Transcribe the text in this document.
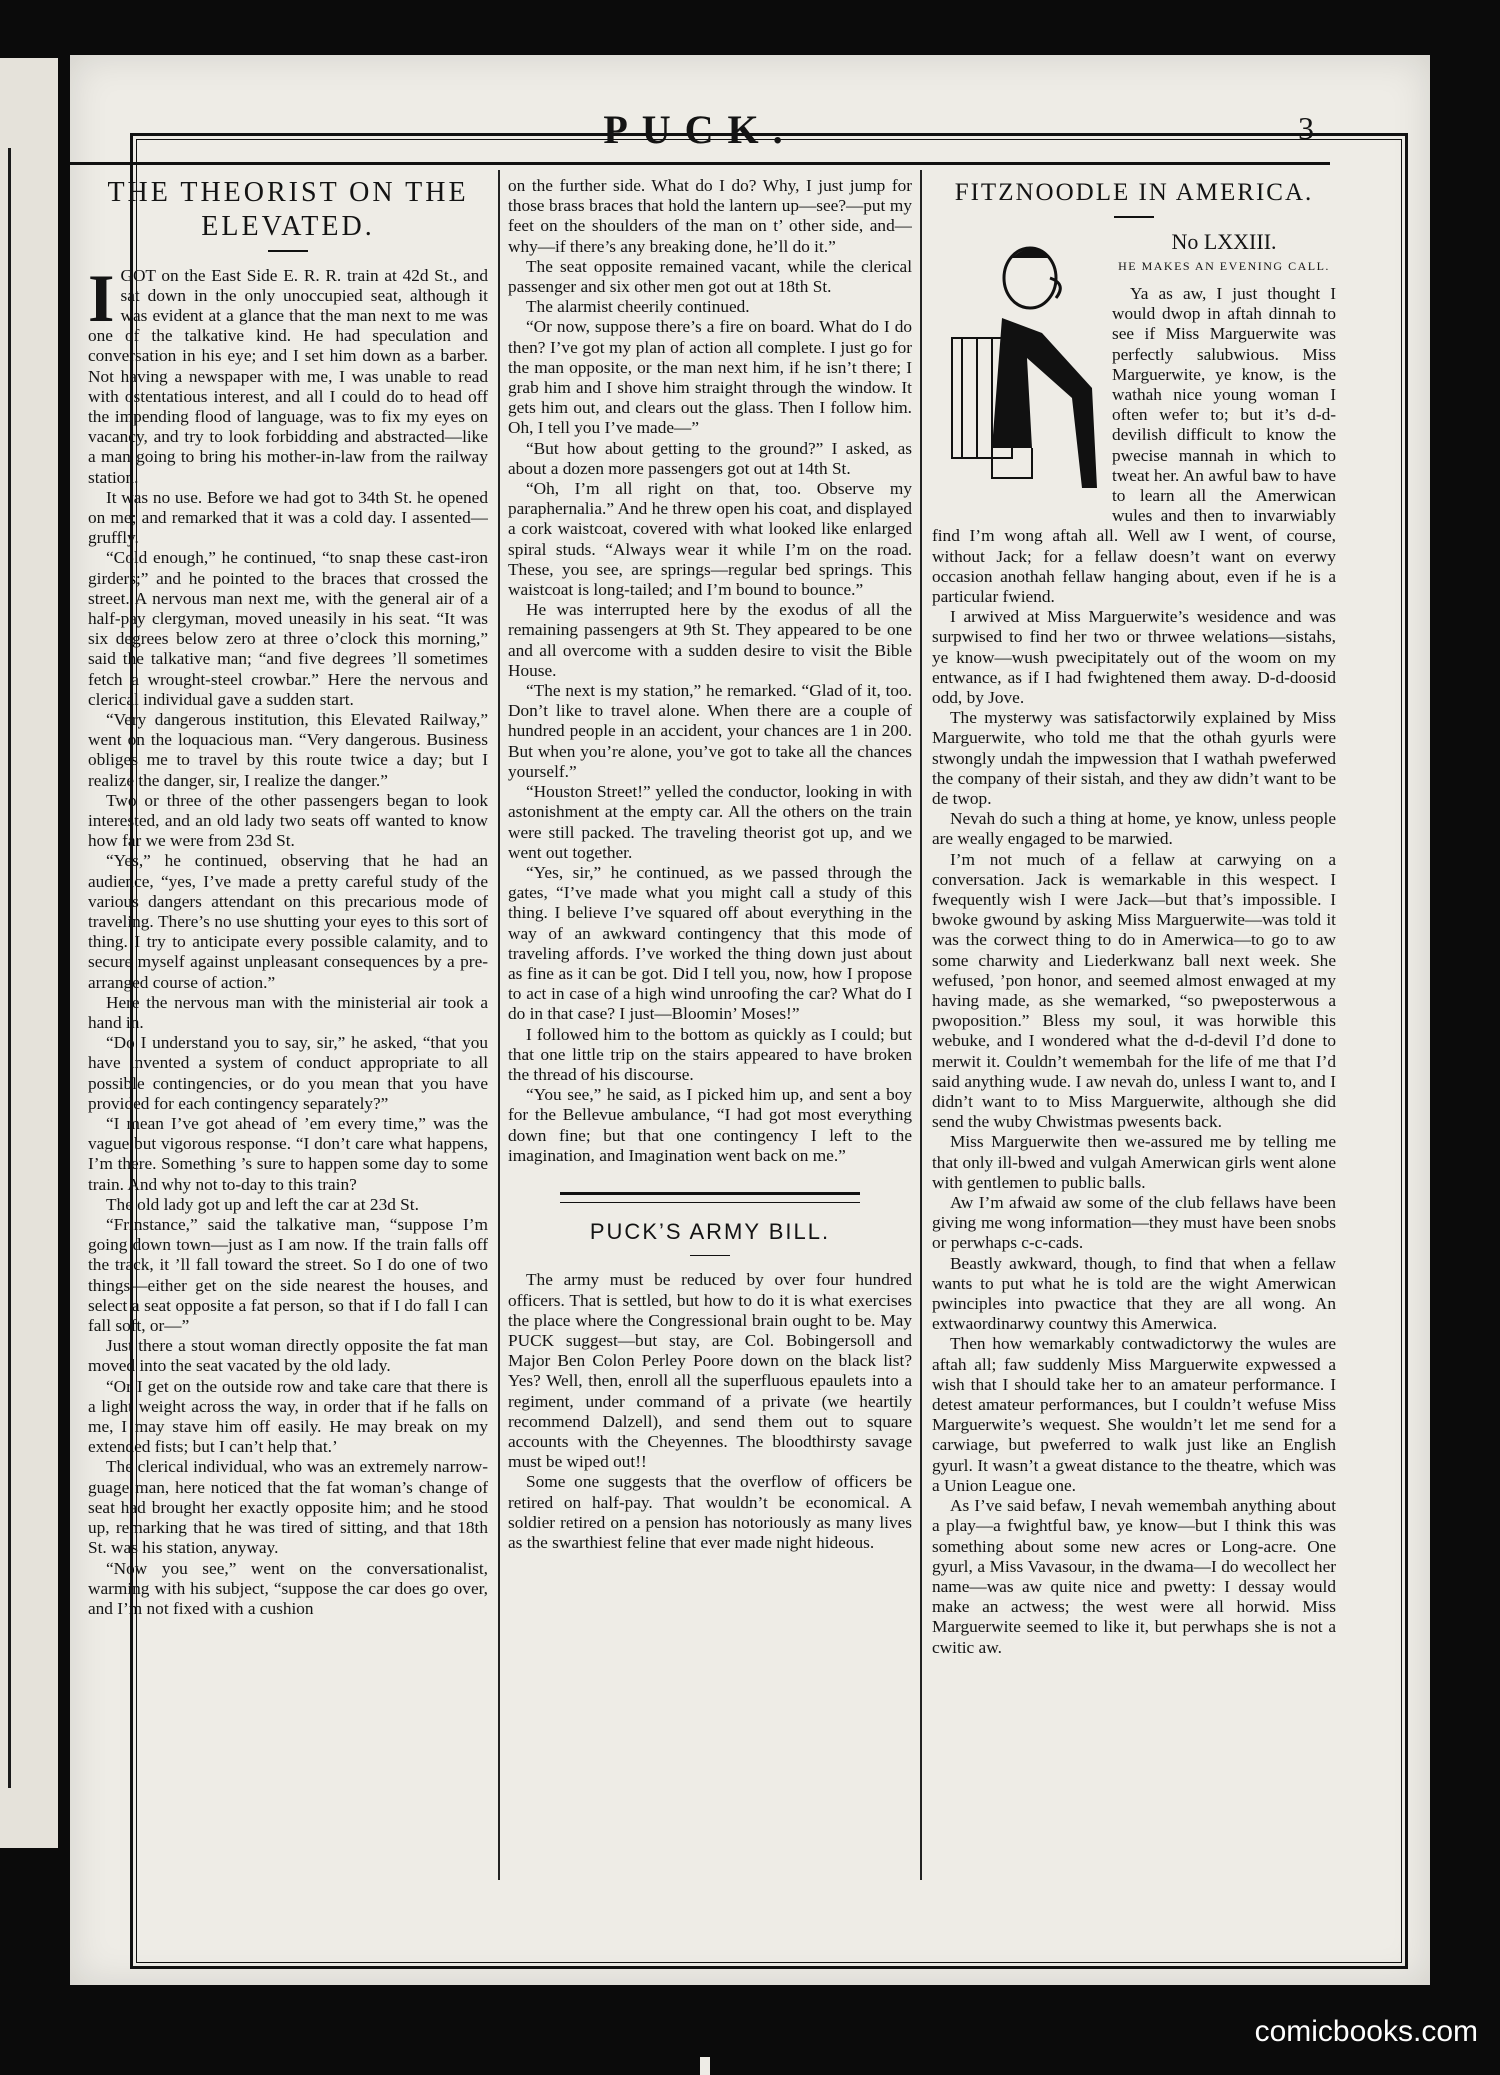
PUCK.	3
THE THEORIST ON THE ELEVATED.

IGOT on the East Side E. R. R. train at 42d St., and sat down in the only unoccupied seat, although it was evident at a glance that the man next to me was one of the talkative kind. He had speculation and conversation in his eye; and I set him down as a barber. Not having a newspaper with me, I was unable to read with ostentatious interest, and all I could do to head off the impending flood of language, was to fix my eyes on vacancy, and try to look forbidding and abstracted—like a man going to bring his mother-in-law from the railway station.

It was no use. Before we had got to 34th St. he opened on me; and remarked that it was a cold day. I assented—gruffly.

“Cold enough,” he continued, “to snap these cast-iron girders;” and he pointed to the braces that crossed the street. A nervous man next me, with the general air of a half-pay clergyman, moved uneasily in his seat. “It was six degrees below zero at three o’clock this morning,” said the talkative man; “and five degrees ’ll sometimes fetch a wrought-steel crowbar.” Here the nervous and clerical individual gave a sudden start.

“Very dangerous institution, this Elevated Railway,” went on the loquacious man. “Very dangerous. Business obliges me to travel by this route twice a day; but I realize the danger, sir, I realize the danger.”

Two or three of the other passengers began to look interested, and an old lady two seats off wanted to know how far we were from 23d St.

“Yes,” he continued, observing that he had an audience, “yes, I’ve made a pretty careful study of the various dangers attendant on this precarious mode of traveling. There’s no use shutting your eyes to this sort of thing. I try to anticipate every possible calamity, and to secure myself against unpleasant consequences by a pre-arranged course of action.”

Here the nervous man with the ministerial air took a hand in.

“Do I understand you to say, sir,” he asked, “that you have invented a system of conduct appropriate to all possible contingencies, or do you mean that you have provided for each contingency separately?”

“I mean I’ve got ahead of ’em every time,” was the vague but vigorous response. “I don’t care what happens, I’m there. Something ’s sure to happen some day to some train. And why not to-day to this train?

The old lady got up and left the car at 23d St.

“Frinstance,” said the talkative man, “suppose I’m going down town—just as I am now. If the train falls off the track, it ’ll fall toward the street. So I do one of two things—either get on the side nearest the houses, and select a seat opposite a fat person, so that if I do fall I can fall soft, or—”

Just there a stout woman directly opposite the fat man moved into the seat vacated by the old lady.

“Or I get on the outside row and take care that there is a light weight across the way, in order that if he falls on me, I may stave him off easily. He may break on my extended fists; but I can’t help that.’

The clerical individual, who was an extremely narrow-guage man, here noticed that the fat woman’s change of seat had brought her exactly opposite him; and he stood up, remarking that he was tired of sitting, and that 18th St. was his station, anyway.

“Now you see,” went on the conversationalist, warming with his subject, “suppose the car does go over, and I’m not fixed with a cushion

on the further side. What do I do? Why, I just jump for those brass braces that hold the lantern up—see?—put my feet on the shoulders of the man on t’ other side, and—why—if there’s any breaking done, he’ll do it.”

The seat opposite remained vacant, while the clerical passenger and six other men got out at 18th St.

The alarmist cheerily continued.

“Or now, suppose there’s a fire on board. What do I do then? I’ve got my plan of action all complete. I just go for the man opposite, or the man next him, if he isn’t there; I grab him and I shove him straight through the window. It gets him out, and clears out the glass. Then I follow him. Oh, I tell you I’ve made—”

“But how about getting to the ground?” I asked, as about a dozen more passengers got out at 14th St.

“Oh, I’m all right on that, too. Observe my paraphernalia.” And he threw open his coat, and displayed a cork waistcoat, covered with what looked like enlarged spiral studs. “Always wear it while I’m on the road. These, you see, are springs—regular bed springs. This waistcoat is long-tailed; and I’m bound to bounce.”

He was interrupted here by the exodus of all the remaining passengers at 9th St. They appeared to be one and all overcome with a sudden desire to visit the Bible House.

“The next is my station,” he remarked. “Glad of it, too. Don’t like to travel alone. When there are a couple of hundred people in an accident, your chances are 1 in 200. But when you’re alone, you’ve got to take all the chances yourself.”

“Houston Street!” yelled the conductor, looking in with astonishment at the empty car. All the others on the train were still packed. The traveling theorist got up, and we went out together.

“Yes, sir,” he continued, as we passed through the gates, “I’ve made what you might call a study of this thing. I believe I’ve squared off about everything in the way of an awkward contingency that this mode of traveling affords. I’ve worked the thing down just about as fine as it can be got. Did I tell you, now, how I propose to act in case of a high wind unroofing the car? What do I do in that case? I just—Bloomin’ Moses!”

I followed him to the bottom as quickly as I could; but that one little trip on the stairs appeared to have broken the thread of his discourse.

“You see,” he said, as I picked him up, and sent a boy for the Bellevue ambulance, “I had got most everything down fine; but that one contingency I left to the imagination, and Imagination went back on me.”

PUCK’S ARMY BILL.

The army must be reduced by over four hundred officers. That is settled, but how to do it is what exercises the place where the Congressional brain ought to be. May PUCK suggest—but stay, are Col. Bobingersoll and Major Ben Colon Perley Poore down on the black list? Yes? Well, then, enroll all the superfluous epaulets into a regiment, under command of a private (we heartily recommend Dalzell), and send them out to square accounts with the Cheyennes. The bloodthirsty savage must be wiped out!!

Some one suggests that the overflow of officers be retired on half-pay. That wouldn’t be economical. A soldier retired on a pension has notoriously as many lives as the swarthiest feline that ever made night hideous.

FITZNOODLE IN AMERICA.
No LXXIII.
HE MAKES AN EVENING CALL.

Ya as aw, I just thought I would dwop in aftah dinnah to see if Miss Marguerwite was perfectly salubwious. Miss Marguerwite, ye know, is the wathah nice young woman I often wefer to; but it’s d-d-devilish difficult to know the pwecise mannah in which to tweat her. An awful baw to have to learn all the Amerwican wules and then to invarwiably find I’m wong aftah all. Well aw I went, of course, without Jack; for a fellaw doesn’t want on everwy occasion anothah fellaw hanging about, even if he is a particular fwiend.

I arwived at Miss Marguerwite’s wesidence and was surpwised to find her two or thrwee welations—sistahs, ye know—wush pwecipitately out of the woom on my entwance, as if I had fwightened them away. D-d-doosid odd, by Jove.

The mysterwy was satisfactorwily explained by Miss Marguerwite, who told me that the othah gyurls were stwongly undah the impwession that I wathah pweferwed the company of their sistah, and they aw didn’t want to be de twop.

Nevah do such a thing at home, ye know, unless people are weally engaged to be marwied.

I’m not much of a fellaw at carwying on a conversation. Jack is wemarkable in this wespect. I fwequently wish I were Jack—but that’s impossible. I bwoke gwound by asking Miss Marguerwite—was told it was the corwect thing to do in Amerwica—to go to aw some charwity and Liederkwanz ball next week. She wefused, ’pon honor, and seemed almost enwaged at my having made, as she wemarked, “so pweposterwous a pwoposition.” Bless my soul, it was horwible this webuke, and I wondered what the d-d-devil I’d done to merwit it. Couldn’t wemembah for the life of me that I’d said anything wude. I aw nevah do, unless I want to, and I didn’t want to to Miss Marguerwite, although she did send the wuby Chwistmas pwesents back.

Miss Marguerwite then we-assured me by telling me that only ill-bwed and vulgah Amerwican girls went alone with gentlemen to public balls.

Aw I’m afwaid aw some of the club fellaws have been giving me wong information—they must have been snobs or perwhaps c-c-cads.

Beastly awkward, though, to find that when a fellaw wants to put what he is told are the wight Amerwican pwinciples into pwactice that they are all wong. An extwaordinarwy countwy this Amerwica.

Then how wemarkably contwadictorwy the wules are aftah all; faw suddenly Miss Marguerwite expwessed a wish that I should take her to an amateur performance. I detest amateur performances, but I couldn’t wefuse Miss Marguerwite’s wequest. She wouldn’t let me send for a carwiage, but pweferred to walk just like an English gyurl. It wasn’t a gweat distance to the theatre, which was a Union League one.

As I’ve said befaw, I nevah wemembah anything about a play—a fwightful baw, ye know—but I think this was something about some new acres or Long-acre. One gyurl, a Miss Vavasour, in the dwama—I do wecollect her name—was aw quite nice and pwetty: I dessay would make an actwess; the west were all horwid. Miss Marguerwite seemed to like it, but perwhaps she is not a cwitic aw.

comicbooks.com
